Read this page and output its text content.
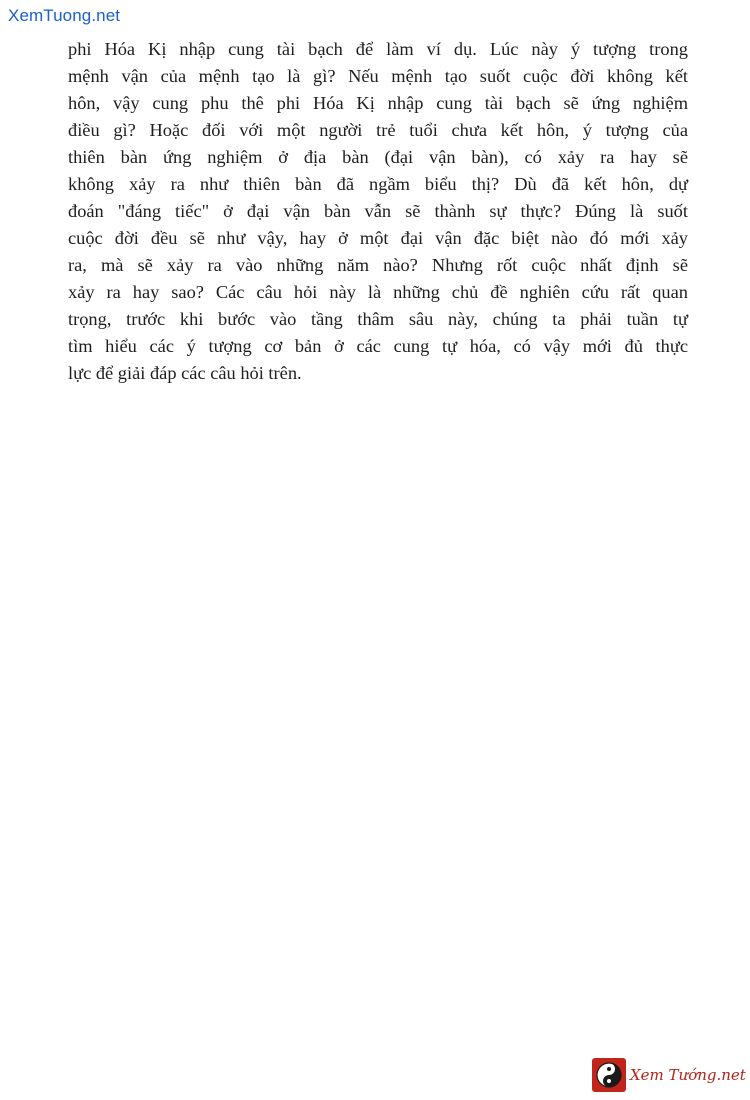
XemTuong.net
phi Hóa Kị nhập cung tài bạch để làm ví dụ. Lúc này ý tượng trong
mệnh vận của mệnh tạo là gì? Nếu mệnh tạo suốt cuộc đời không kết
hôn, vậy cung phu thê phi Hóa Kị nhập cung tài bạch sẽ ứng nghiệm
điều gì? Hoặc đối với một người trẻ tuổi chưa kết hôn, ý tượng của
thiên bàn ứng nghiệm ở địa bàn (đại vận bàn), có xảy ra hay sẽ
không xảy ra như thiên bàn đã ngầm biểu thị? Dù đã kết hôn, dự
đoán "đáng tiếc" ở đại vận bàn vẫn sẽ thành sự thực? Đúng là suốt
cuộc đời đều sẽ như vậy, hay ở một đại vận đặc biệt nào đó mới xảy
ra, mà sẽ xảy ra vào những năm nào? Nhưng rốt cuộc nhất định sẽ
xảy ra hay sao? Các câu hỏi này là những chủ đề nghiên cứu rất quan
trọng, trước khi bước vào tầng thâm sâu này, chúng ta phải tuần tự
tìm hiểu các ý tượng cơ bản ở các cung tự hóa, có vậy mới đủ thực
lực để giải đáp các câu hỏi trên.
Xem Tướng.net
